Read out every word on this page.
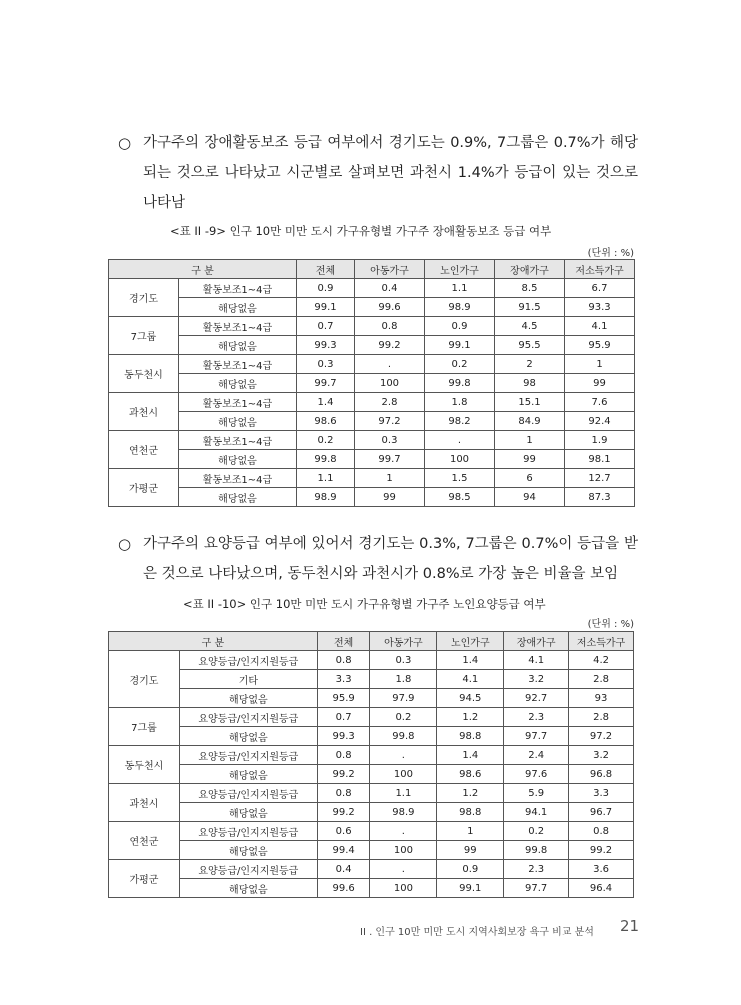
○ 가구주의 장애활동보조 등급 여부에서 경기도는 0.9%, 7그룹은 0.7%가 해당되는 것으로 나타났고 시군별로 살펴보면 과천시 1.4%가 등급이 있는 것으로 나타남
<표 II -9> 인구 10만 미만 도시 가구유형별 가구주 장애활동보조 등급 여부
(단위 : %)
구 분		전체	아동가구	노인가구	장애가구	저소득가구
경기도	활동보조1~4급	0.9	0.4	1.1	8.5	6.7
	해당없음	99.1	99.6	98.9	91.5	93.3
7그룹	활동보조1~4급	0.7	0.8	0.9	4.5	4.1
	해당없음	99.3	99.2	99.1	95.5	95.9
동두천시	활동보조1~4급	0.3	.	0.2	2	1
	해당없음	99.7	100	99.8	98	99
과천시	활동보조1~4급	1.4	2.8	1.8	15.1	7.6
	해당없음	98.6	97.2	98.2	84.9	92.4
연천군	활동보조1~4급	0.2	0.3	.	1	1.9
	해당없음	99.8	99.7	100	99	98.1
가평군	활동보조1~4급	1.1	1	1.5	6	12.7
	해당없음	98.9	99	98.5	94	87.3
○ 가구주의 요양등급 여부에 있어서 경기도는 0.3%, 7그룹은 0.7%이 등급을 받은 것으로 나타났으며, 동두천시와 과천시가 0.8%로 가장 높은 비율을 보임
<표 II -10> 인구 10만 미만 도시 가구유형별 가구주 노인요양등급 여부
(단위 : %)
구 분		전체	아동가구	노인가구	장애가구	저소득가구
경기도	요양등급/인지지원등급	0.8	0.3	1.4	4.1	4.2
	기타	3.3	1.8	4.1	3.2	2.8
	해당없음	95.9	97.9	94.5	92.7	93
7그룹	요양등급/인지지원등급	0.7	0.2	1.2	2.3	2.8
	해당없음	99.3	99.8	98.8	97.7	97.2
동두천시	요양등급/인지지원등급	0.8	.	1.4	2.4	3.2
	해당없음	99.2	100	98.6	97.6	96.8
과천시	요양등급/인지지원등급	0.8	1.1	1.2	5.9	3.3
	해당없음	99.2	98.9	98.8	94.1	96.7
연천군	요양등급/인지지원등급	0.6	.	1	0.2	0.8
	해당없음	99.4	100	99	99.8	99.2
가평군	요양등급/인지지원등급	0.4	.	0.9	2.3	3.6
	해당없음	99.6	100	99.1	97.7	96.4
II . 인구 10만 미만 도시 지역사회보장 욕구 비교 분석 21
